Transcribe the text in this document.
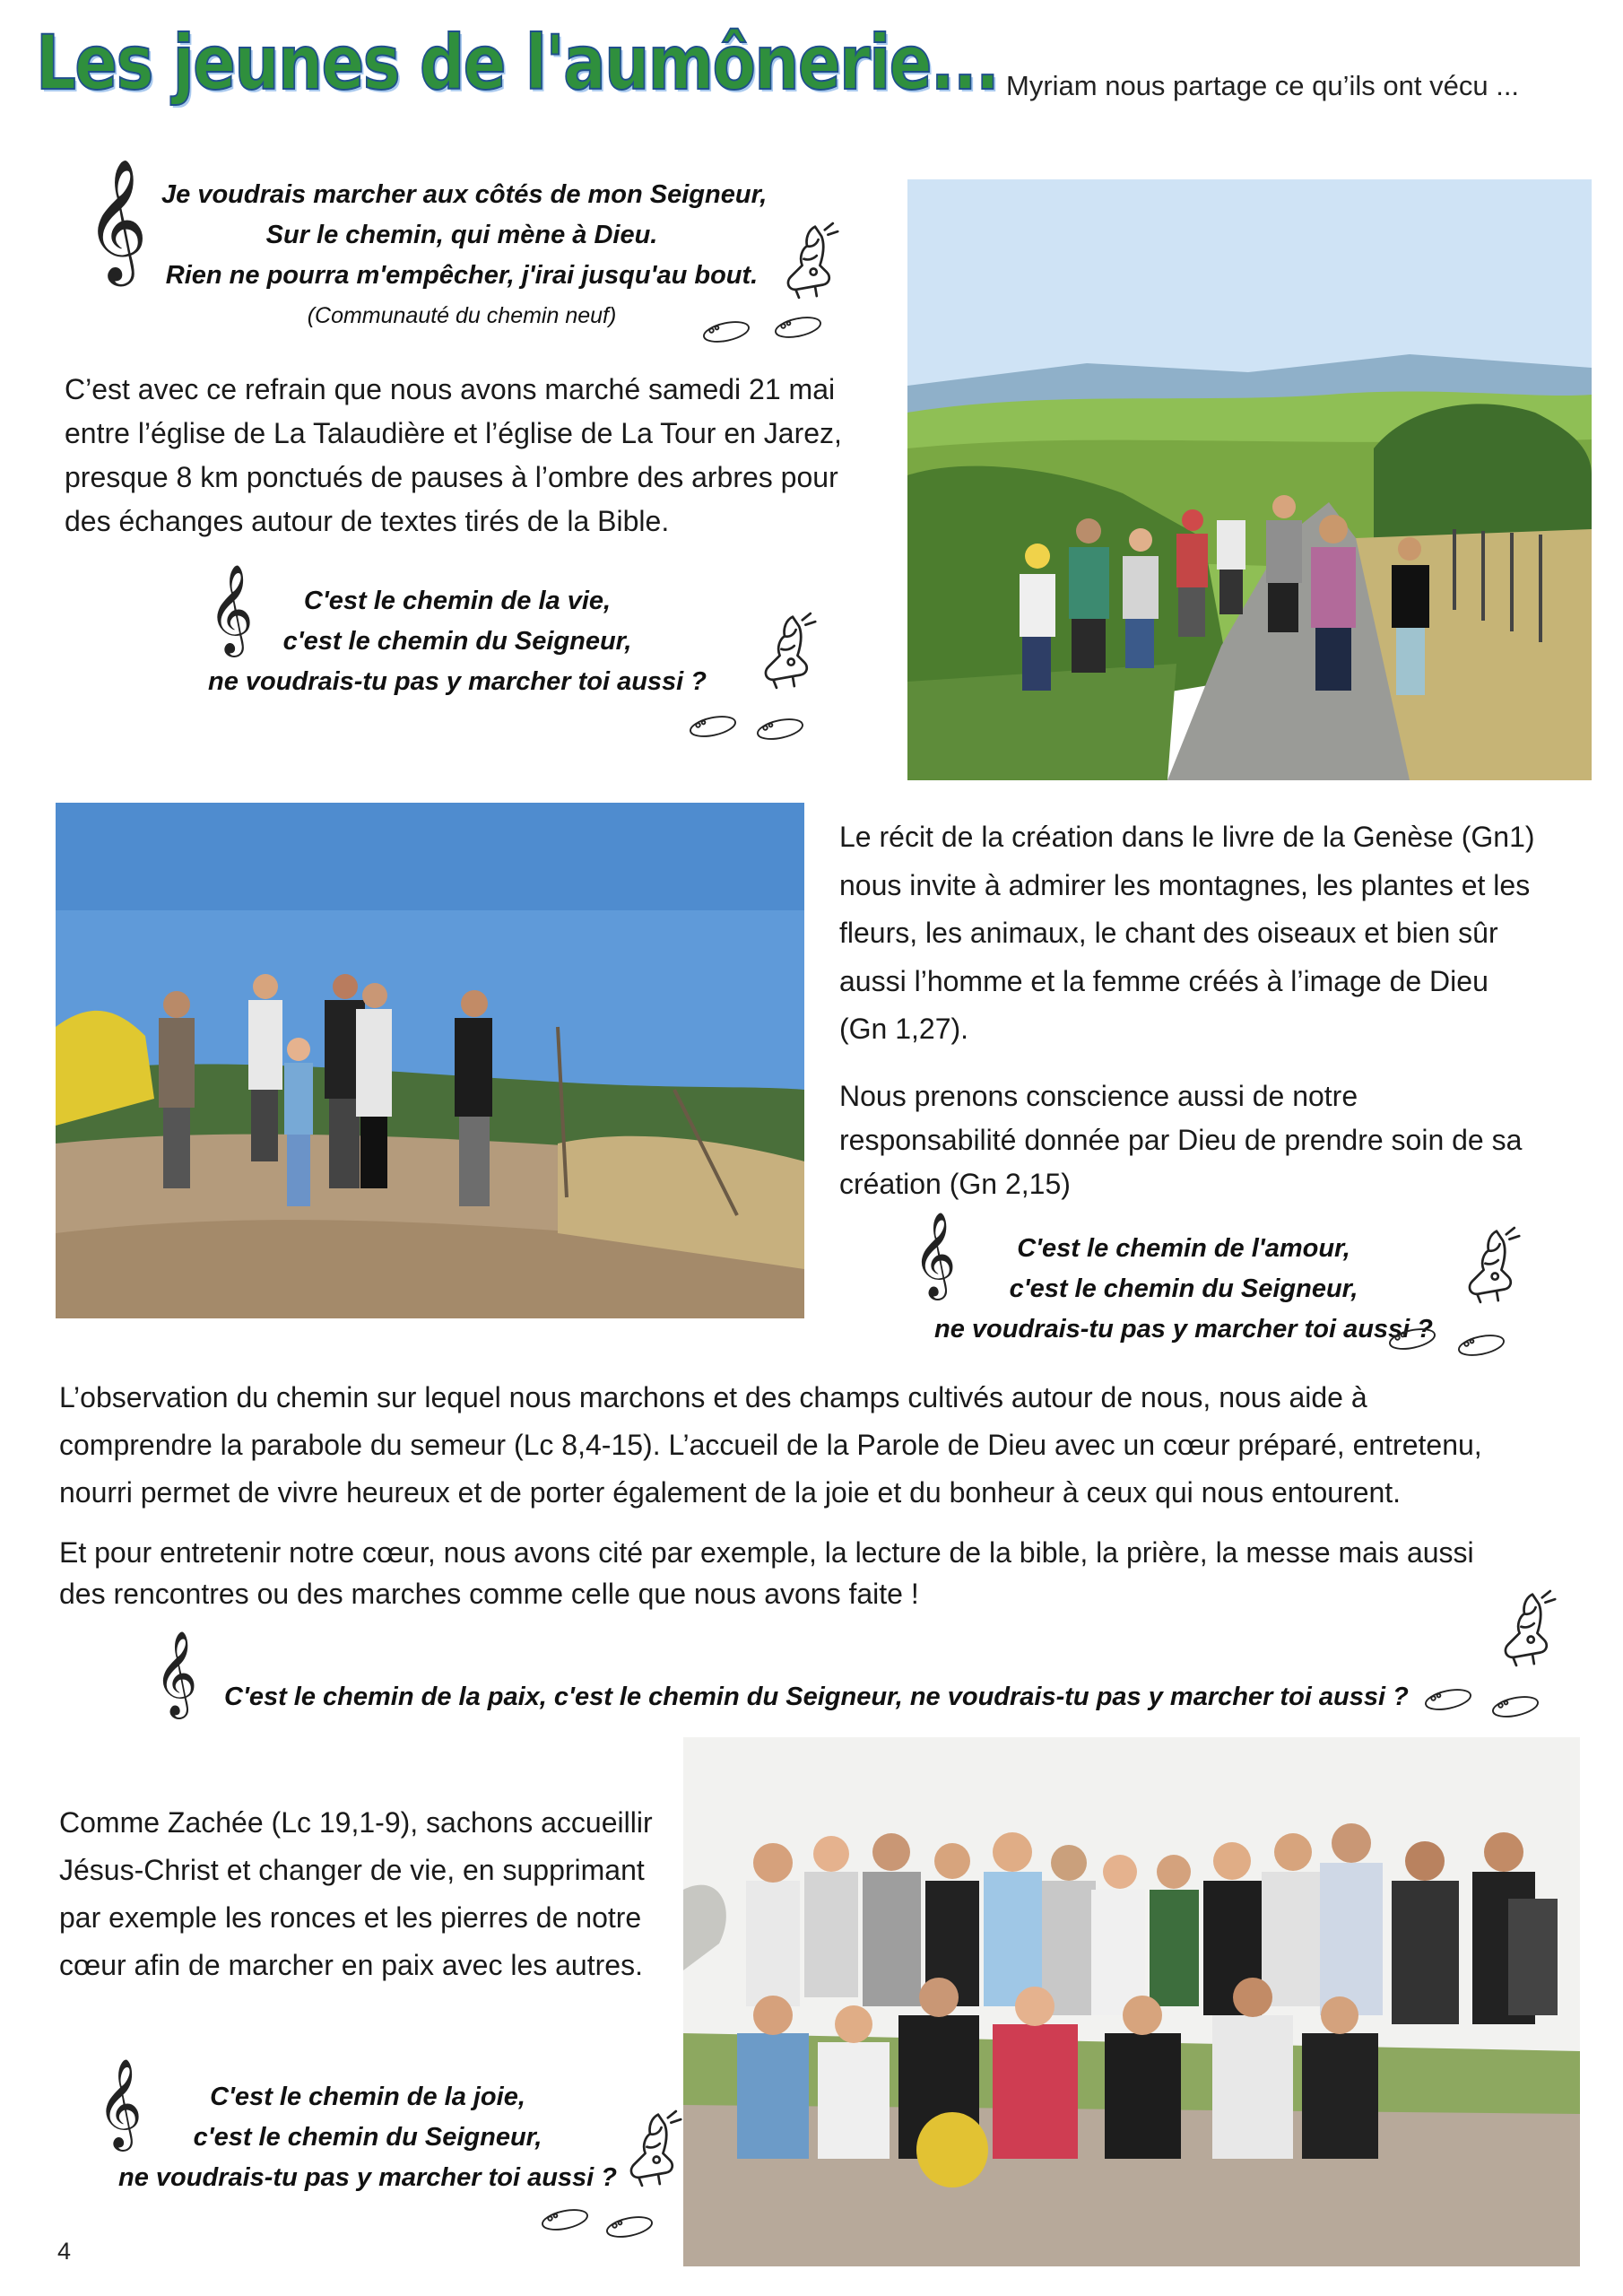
Les jeunes de l'aumônerie... Myriam nous partage ce qu’ils ont vécu ...
𝄞 Je voudrais marcher aux côtés de mon Seigneur,
Sur le chemin, qui mène à Dieu.
Rien ne pourra m'empêcher, j'irai jusqu'au bout.
(Communauté du chemin neuf)
C’est avec ce refrain que nous avons marché samedi 21 mai
entre l’église de La Talaudière et l’église de La Tour en Jarez,
presque 8 km ponctués de pauses à l’ombre des arbres pour
des échanges autour de textes tirés de la Bible.
𝄞	C'est le chemin de la vie,
c'est le chemin du Seigneur,
ne voudrais-tu pas y marcher toi aussi ?
Le récit de la création dans le livre de la Genèse (Gn1)
nous invite à admirer les montagnes, les plantes et les
fleurs, les animaux, le chant des oiseaux et bien sûr
aussi l’homme et la femme créés à l’image de Dieu
(Gn 1,27).
Nous prenons conscience aussi de notre
responsabilité donnée par Dieu de prendre soin de sa
création (Gn 2,15)
𝄞	C'est le chemin de l'amour,
c'est le chemin du Seigneur,
ne voudrais-tu pas y marcher toi aussi ?
L’observation du chemin sur lequel nous marchons et des champs cultivés autour de nous, nous aide à
comprendre la parabole du semeur (Lc 8,4-15). L’accueil de la Parole de Dieu avec un cœur préparé, entretenu,
nourri permet de vivre heureux et de porter également de la joie et du bonheur à ceux qui nous entourent.
Et pour entretenir notre cœur, nous avons cité par exemple, la lecture de la bible, la prière, la messe mais aussi
des rencontres ou des marches comme celle que nous avons faite !
𝄞 C'est le chemin de la paix, c'est le chemin du Seigneur, ne voudrais-tu pas y marcher toi aussi ?
Comme Zachée (Lc 19,1-9), sachons accueillir
Jésus-Christ et changer de vie, en supprimant
par exemple les ronces et les pierres de notre
cœur afin de marcher en paix avec les autres.
𝄞	C'est le chemin de la joie,
c'est le chemin du Seigneur,
ne voudrais-tu pas y marcher toi aussi ?
4
